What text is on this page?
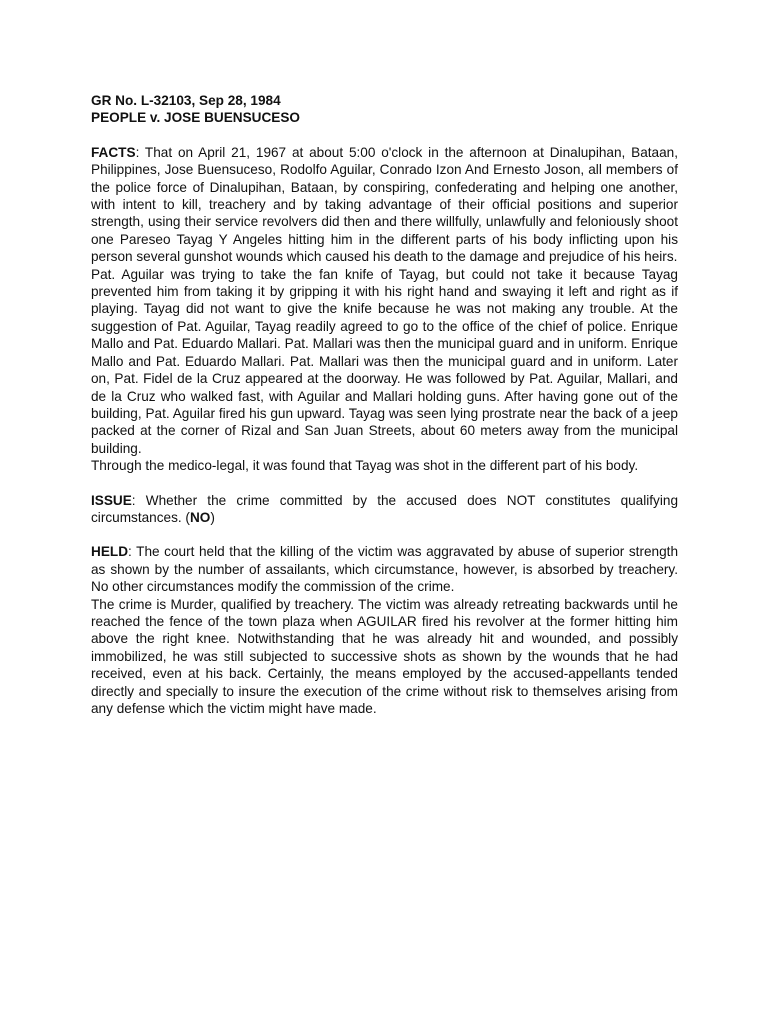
GR No. L-32103, Sep 28, 1984
PEOPLE v. JOSE BUENSUCESO

FACTS: That on April 21, 1967 at about 5:00 o'clock in the afternoon at Dinalupihan, Bataan, Philippines, Jose Buensuceso, Rodolfo Aguilar, Conrado Izon And Ernesto Joson, all members of the police force of Dinalupihan, Bataan, by conspiring, confederating and helping one another, with intent to kill, treachery and by taking advantage of their official positions and superior strength, using their service revolvers did then and there willfully, unlawfully and feloniously shoot one Pareseo Tayag Y Angeles hitting him in the different parts of his body inflicting upon his person several gunshot wounds which caused his death to the damage and prejudice of his heirs.

Pat. Aguilar was trying to take the fan knife of Tayag, but could not take it because Tayag prevented him from taking it by gripping it with his right hand and swaying it left and right as if playing. Tayag did not want to give the knife because he was not making any trouble. At the suggestion of Pat. Aguilar, Tayag readily agreed to go to the office of the chief of police. Enrique Mallo and Pat. Eduardo Mallari. Pat. Mallari was then the municipal guard and in uniform. Enrique Mallo and Pat. Eduardo Mallari. Pat. Mallari was then the municipal guard and in uniform. Later on, Pat. Fidel de la Cruz appeared at the doorway. He was followed by Pat. Aguilar, Mallari, and de la Cruz who walked fast, with Aguilar and Mallari holding guns. After having gone out of the building, Pat. Aguilar fired his gun upward. Tayag was seen lying prostrate near the back of a jeep packed at the corner of Rizal and San Juan Streets, about 60 meters away from the municipal building.

Through the medico-legal, it was found that Tayag was shot in the different part of his body.

ISSUE: Whether the crime committed by the accused does NOT constitutes qualifying circumstances. (NO)

HELD: The court held that the killing of the victim was aggravated by abuse of superior strength as shown by the number of assailants, which circumstance, however, is absorbed by treachery. No other circumstances modify the commission of the crime.

The crime is Murder, qualified by treachery. The victim was already retreating backwards until he reached the fence of the town plaza when AGUILAR fired his revolver at the former hitting him above the right knee. Notwithstanding that he was already hit and wounded, and possibly immobilized, he was still subjected to successive shots as shown by the wounds that he had received, even at his back. Certainly, the means employed by the accused-appellants tended directly and specially to insure the execution of the crime without risk to themselves arising from any defense which the victim might have made.
